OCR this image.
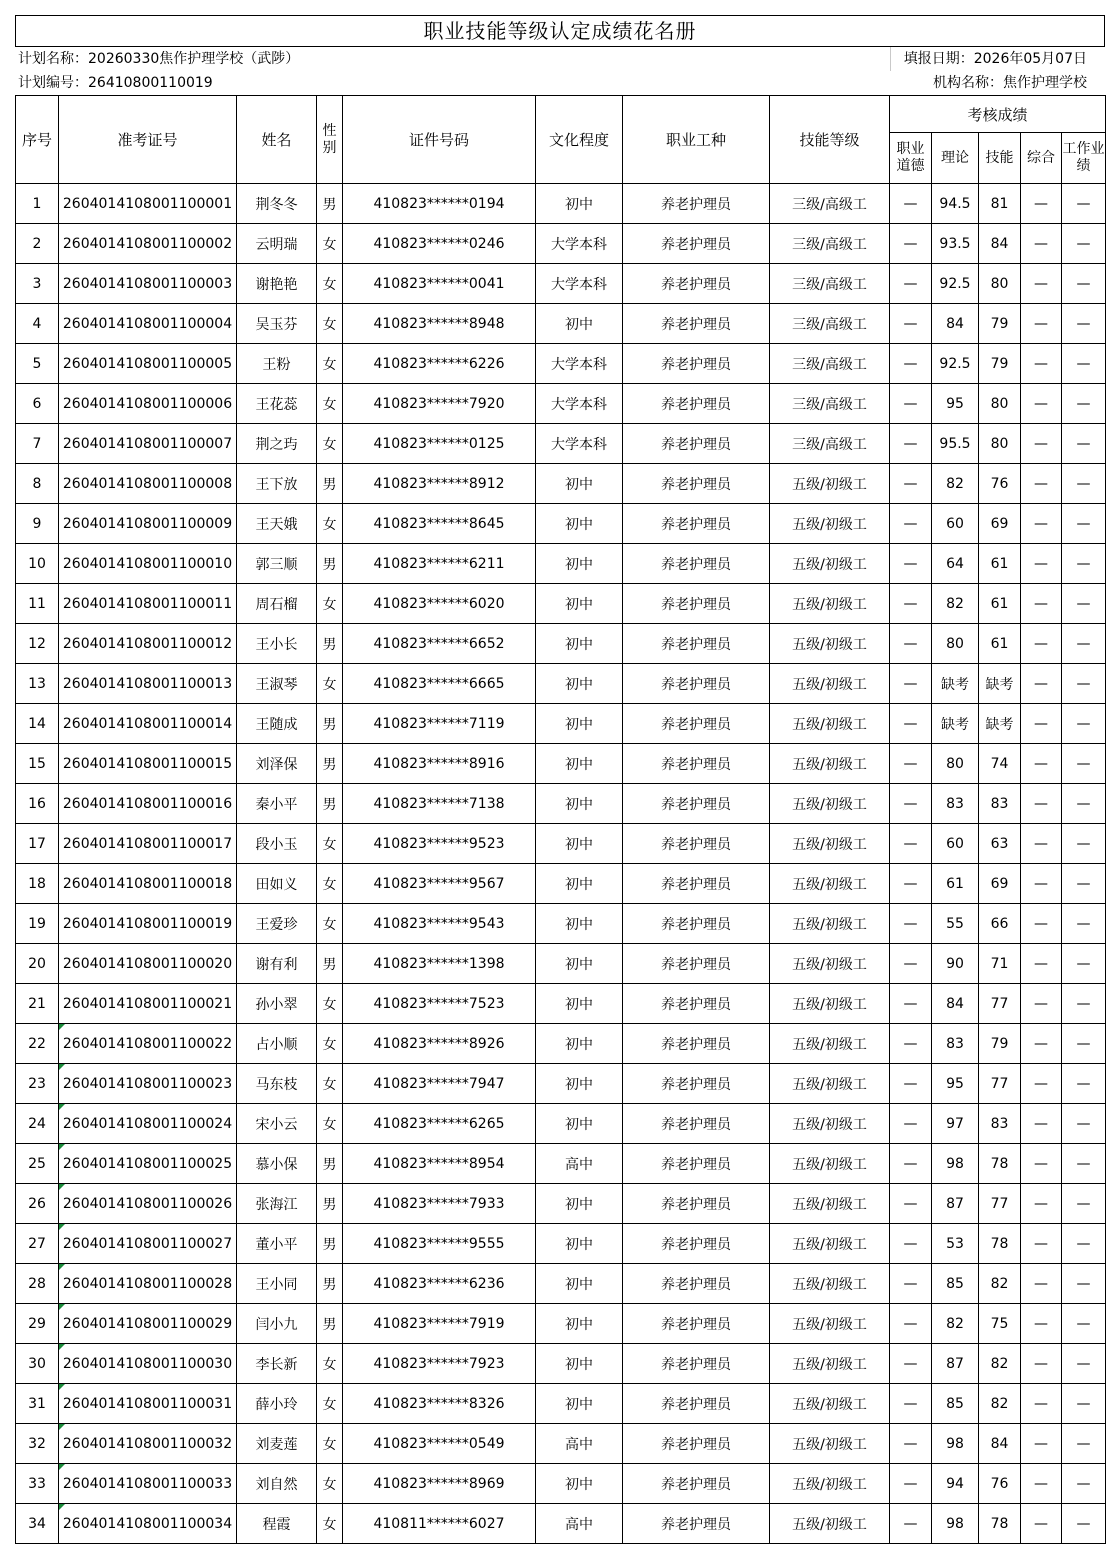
职业技能等级认定成绩花名册
计划名称：20260330焦作护理学校（武陟）	填报日期：2026年05月07日
计划编号：26410800110019	机构名称：焦作护理学校
序号	准考证号	姓名	性别	证件号码	文化程度	职业工种	技能等级	考核成绩				
								职业道德	理论	技能	综合	工作业绩
1	2604014108001100001	荆冬冬	男	410823******0194	初中	养老护理员	三级/高级工	—	94.5	81	—	—
2	2604014108001100002	云明瑞	女	410823******0246	大学本科	养老护理员	三级/高级工	—	93.5	84	—	—
3	2604014108001100003	谢艳艳	女	410823******0041	大学本科	养老护理员	三级/高级工	—	92.5	80	—	—
4	2604014108001100004	吴玉芬	女	410823******8948	初中	养老护理员	三级/高级工	—	84	79	—	—
5	2604014108001100005	王粉	女	410823******6226	大学本科	养老护理员	三级/高级工	—	92.5	79	—	—
6	2604014108001100006	王花蕊	女	410823******7920	大学本科	养老护理员	三级/高级工	—	95	80	—	—
7	2604014108001100007	荆之玙	女	410823******0125	大学本科	养老护理员	三级/高级工	—	95.5	80	—	—
8	2604014108001100008	王下放	男	410823******8912	初中	养老护理员	五级/初级工	—	82	76	—	—
9	2604014108001100009	王天娥	女	410823******8645	初中	养老护理员	五级/初级工	—	60	69	—	—
10	2604014108001100010	郭三顺	男	410823******6211	初中	养老护理员	五级/初级工	—	64	61	—	—
11	2604014108001100011	周石榴	女	410823******6020	初中	养老护理员	五级/初级工	—	82	61	—	—
12	2604014108001100012	王小长	男	410823******6652	初中	养老护理员	五级/初级工	—	80	61	—	—
13	2604014108001100013	王淑琴	女	410823******6665	初中	养老护理员	五级/初级工	—	缺考	缺考	—	—
14	2604014108001100014	王随成	男	410823******7119	初中	养老护理员	五级/初级工	—	缺考	缺考	—	—
15	2604014108001100015	刘泽保	男	410823******8916	初中	养老护理员	五级/初级工	—	80	74	—	—
16	2604014108001100016	秦小平	男	410823******7138	初中	养老护理员	五级/初级工	—	83	83	—	—
17	2604014108001100017	段小玉	女	410823******9523	初中	养老护理员	五级/初级工	—	60	63	—	—
18	2604014108001100018	田如义	女	410823******9567	初中	养老护理员	五级/初级工	—	61	69	—	—
19	2604014108001100019	王爱珍	女	410823******9543	初中	养老护理员	五级/初级工	—	55	66	—	—
20	2604014108001100020	谢有利	男	410823******1398	初中	养老护理员	五级/初级工	—	90	71	—	—
21	2604014108001100021	孙小翠	女	410823******7523	初中	养老护理员	五级/初级工	—	84	77	—	—
22	2604014108001100022	占小顺	女	410823******8926	初中	养老护理员	五级/初级工	—	83	79	—	—
23	2604014108001100023	马东枝	女	410823******7947	初中	养老护理员	五级/初级工	—	95	77	—	—
24	2604014108001100024	宋小云	女	410823******6265	初中	养老护理员	五级/初级工	—	97	83	—	—
25	2604014108001100025	慕小保	男	410823******8954	高中	养老护理员	五级/初级工	—	98	78	—	—
26	2604014108001100026	张海江	男	410823******7933	初中	养老护理员	五级/初级工	—	87	77	—	—
27	2604014108001100027	董小平	男	410823******9555	初中	养老护理员	五级/初级工	—	53	78	—	—
28	2604014108001100028	王小同	男	410823******6236	初中	养老护理员	五级/初级工	—	85	82	—	—
29	2604014108001100029	闫小九	男	410823******7919	初中	养老护理员	五级/初级工	—	82	75	—	—
30	2604014108001100030	李长新	女	410823******7923	初中	养老护理员	五级/初级工	—	87	82	—	—
31	2604014108001100031	薛小玲	女	410823******8326	初中	养老护理员	五级/初级工	—	85	82	—	—
32	2604014108001100032	刘麦莲	女	410823******0549	高中	养老护理员	五级/初级工	—	98	84	—	—
33	2604014108001100033	刘自然	女	410823******8969	初中	养老护理员	五级/初级工	—	94	76	—	—
34	2604014108001100034	程霞	女	410811******6027	高中	养老护理员	五级/初级工	—	98	78	—	—
